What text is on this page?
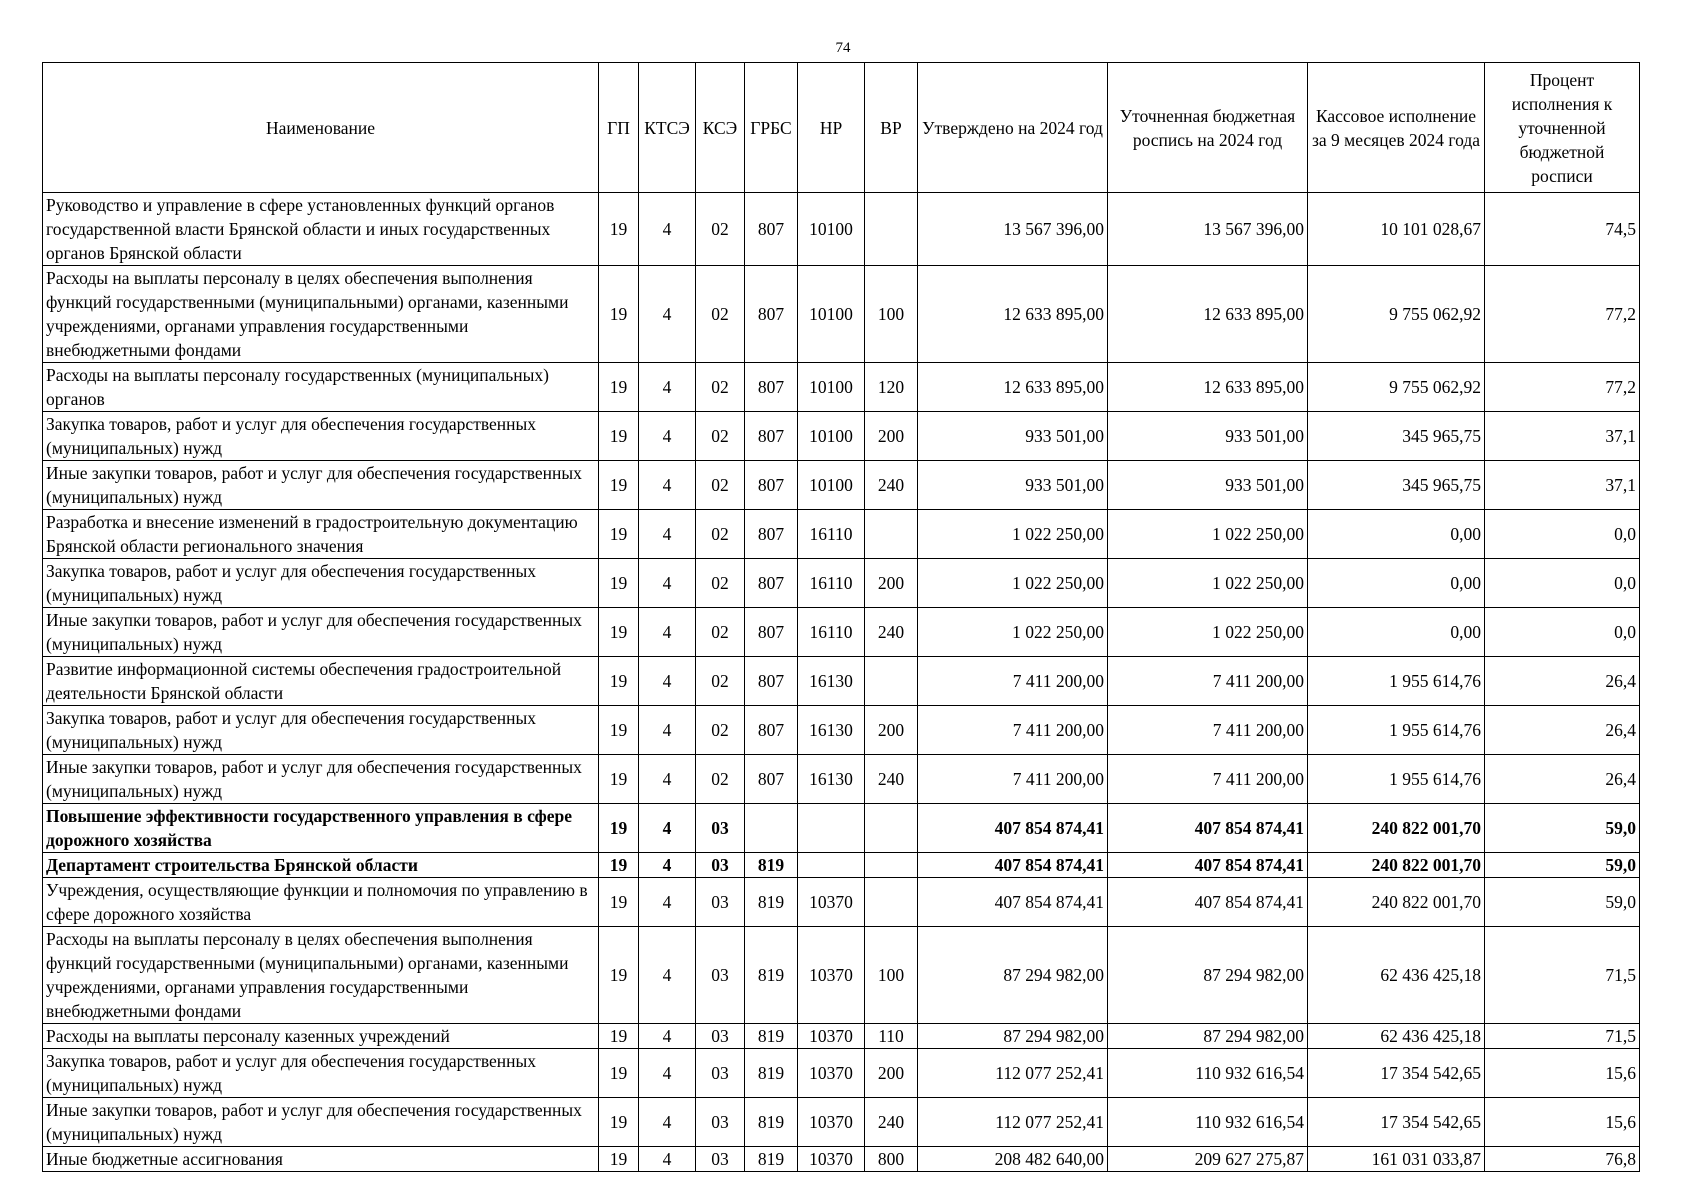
74
Наименование	ГП	КТСЭ	КСЭ	ГРБС	НР	ВР	Утверждено на 2024 год	Уточненная бюджетная роспись на 2024 год	Кассовое исполнение за 9 месяцев 2024 года	Процент исполнения к уточненной бюджетной росписи
Руководство и управление в сфере установленных функций органов государственной власти Брянской области и иных государственных органов Брянской области	19	4	02	807	10100		13 567 396,00	13 567 396,00	10 101 028,67	74,5
Расходы на выплаты персоналу в целях обеспечения выполнения функций государственными (муниципальными) органами, казенными учреждениями, органами управления государственными внебюджетными фондами	19	4	02	807	10100	100	12 633 895,00	12 633 895,00	9 755 062,92	77,2
Расходы на выплаты персоналу государственных (муниципальных) органов	19	4	02	807	10100	120	12 633 895,00	12 633 895,00	9 755 062,92	77,2
Закупка товаров, работ и услуг для обеспечения государственных (муниципальных) нужд	19	4	02	807	10100	200	933 501,00	933 501,00	345 965,75	37,1
Иные закупки товаров, работ и услуг для обеспечения государственных (муниципальных) нужд	19	4	02	807	10100	240	933 501,00	933 501,00	345 965,75	37,1
Разработка и внесение изменений в градостроительную документацию Брянской области регионального значения	19	4	02	807	16110		1 022 250,00	1 022 250,00	0,00	0,0
Закупка товаров, работ и услуг для обеспечения государственных (муниципальных) нужд	19	4	02	807	16110	200	1 022 250,00	1 022 250,00	0,00	0,0
Иные закупки товаров, работ и услуг для обеспечения государственных (муниципальных) нужд	19	4	02	807	16110	240	1 022 250,00	1 022 250,00	0,00	0,0
Развитие информационной системы обеспечения градостроительной деятельности Брянской области	19	4	02	807	16130		7 411 200,00	7 411 200,00	1 955 614,76	26,4
Закупка товаров, работ и услуг для обеспечения государственных (муниципальных) нужд	19	4	02	807	16130	200	7 411 200,00	7 411 200,00	1 955 614,76	26,4
Иные закупки товаров, работ и услуг для обеспечения государственных (муниципальных) нужд	19	4	02	807	16130	240	7 411 200,00	7 411 200,00	1 955 614,76	26,4
Повышение эффективности государственного управления в сфере дорожного хозяйства	19	4	03				407 854 874,41	407 854 874,41	240 822 001,70	59,0
Департамент строительства Брянской области	19	4	03	819			407 854 874,41	407 854 874,41	240 822 001,70	59,0
Учреждения, осуществляющие функции и полномочия по управлению в сфере дорожного хозяйства	19	4	03	819	10370		407 854 874,41	407 854 874,41	240 822 001,70	59,0
Расходы на выплаты персоналу в целях обеспечения выполнения функций государственными (муниципальными) органами, казенными учреждениями, органами управления государственными внебюджетными фондами	19	4	03	819	10370	100	87 294 982,00	87 294 982,00	62 436 425,18	71,5
Расходы на выплаты персоналу казенных учреждений	19	4	03	819	10370	110	87 294 982,00	87 294 982,00	62 436 425,18	71,5
Закупка товаров, работ и услуг для обеспечения государственных (муниципальных) нужд	19	4	03	819	10370	200	112 077 252,41	110 932 616,54	17 354 542,65	15,6
Иные закупки товаров, работ и услуг для обеспечения государственных (муниципальных) нужд	19	4	03	819	10370	240	112 077 252,41	110 932 616,54	17 354 542,65	15,6
Иные бюджетные ассигнования	19	4	03	819	10370	800	208 482 640,00	209 627 275,87	161 031 033,87	76,8
